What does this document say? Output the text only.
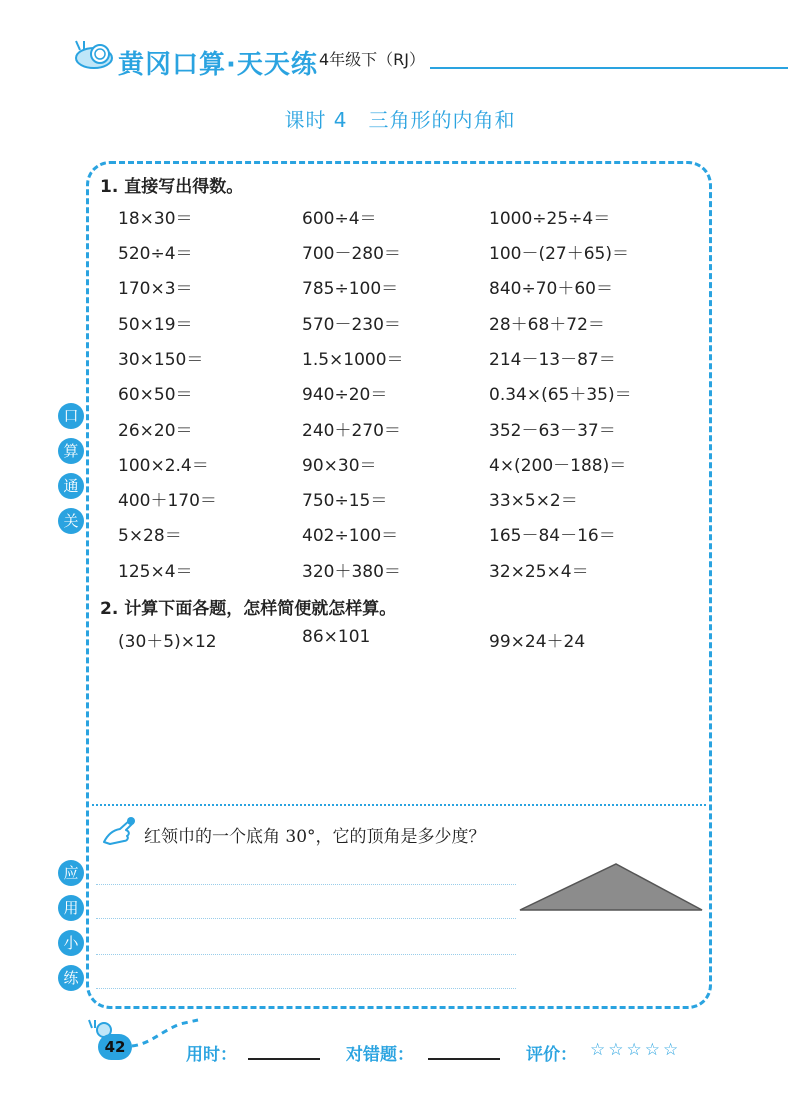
黄冈口算·天天练 4年级下（RJ）
课时 4　三角形的内角和
口
算
通
关
应
用
小
练
1. 直接写出得数。
18×30＝	600÷4＝	1000÷25÷4＝
520÷4＝	700－280＝	100－(27＋65)＝
170×3＝	785÷100＝	840÷70＋60＝
50×19＝	570－230＝	28＋68＋72＝
30×150＝	1.5×1000＝	214－13－87＝
60×50＝	940÷20＝	0.34×(65＋35)＝
26×20＝	240＋270＝	352－63－37＝
100×2.4＝	90×30＝	4×(200－188)＝
400＋170＝	750÷15＝	33×5×2＝
5×28＝	402÷100＝	165－84－16＝
125×4＝	320＋380＝	32×25×4＝
2. 计算下面各题，怎样简便就怎样算。
(30＋5)×12	86×101	99×24＋24
红领巾的一个底角 30°，它的顶角是多少度？
42	用时：	对错题：	评价： ☆☆☆☆☆
